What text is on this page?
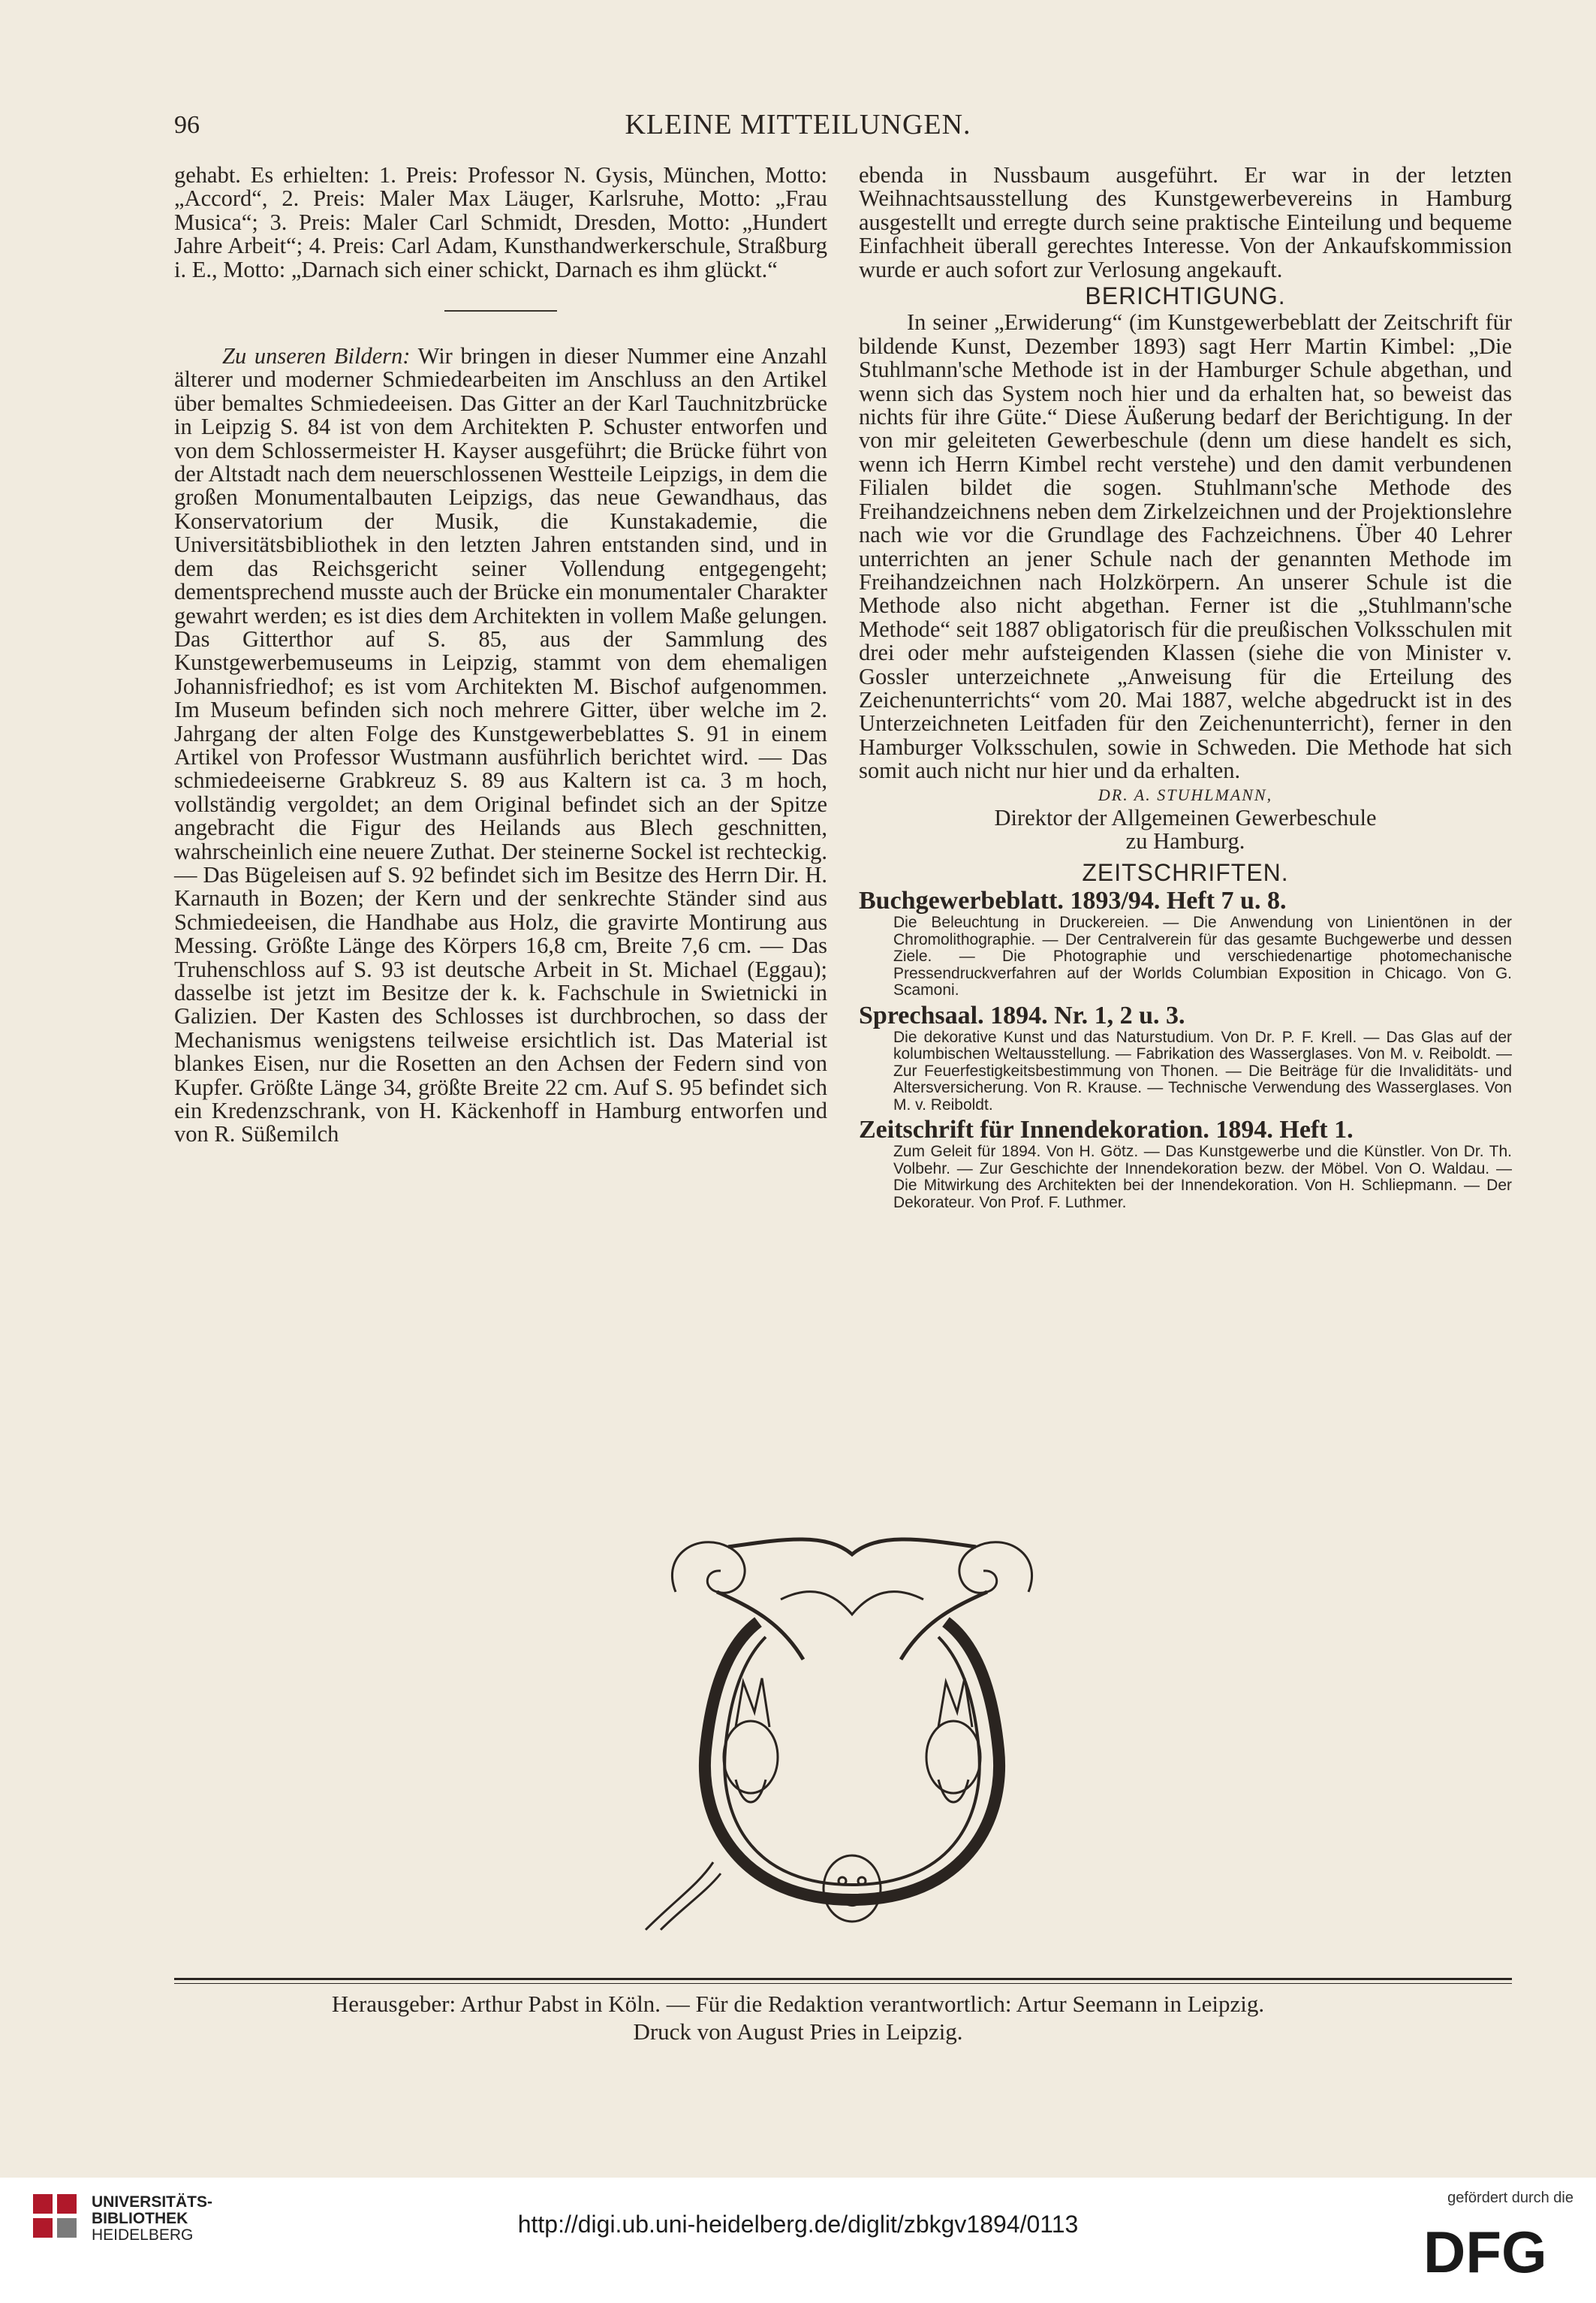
96	KLEINE MITTEILUNGEN.

gehabt. Es erhielten: 1. Preis: Professor N. Gysis, München, Motto: „Accord“, 2. Preis: Maler Max Läuger, Karlsruhe, Motto: „Frau Musica“; 3. Preis: Maler Carl Schmidt, Dresden, Motto: „Hundert Jahre Arbeit“; 4. Preis: Carl Adam, Kunsthandwerkerschule, Straßburg i. E., Motto: „Darnach sich einer schickt, Darnach es ihm glückt.“

Zu unseren Bildern: Wir bringen in dieser Nummer eine Anzahl älterer und moderner Schmiedearbeiten im Anschluss an den Artikel über bemaltes Schmiedeeisen. Das Gitter an der Karl Tauchnitzbrücke in Leipzig S. 84 ist von dem Architekten P. Schuster entworfen und von dem Schlossermeister H. Kayser ausgeführt; die Brücke führt von der Altstadt nach dem neuerschlossenen Westteile Leipzigs, in dem die großen Monumentalbauten Leipzigs, das neue Gewandhaus, das Konservatorium der Musik, die Kunstakademie, die Universitätsbibliothek in den letzten Jahren entstanden sind, und in dem das Reichsgericht seiner Vollendung entgegengeht; dementsprechend musste auch der Brücke ein monumentaler Charakter gewahrt werden; es ist dies dem Architekten in vollem Maße gelungen. Das Gitterthor auf S. 85, aus der Sammlung des Kunstgewerbemuseums in Leipzig, stammt von dem ehemaligen Johannisfriedhof; es ist vom Architekten M. Bischof aufgenommen. Im Museum befinden sich noch mehrere Gitter, über welche im 2. Jahrgang der alten Folge des Kunstgewerbeblattes S. 91 in einem Artikel von Professor Wustmann ausführlich berichtet wird. — Das schmiedeeiserne Grabkreuz S. 89 aus Kaltern ist ca. 3 m hoch, vollständig vergoldet; an dem Original befindet sich an der Spitze angebracht die Figur des Heilands aus Blech geschnitten, wahrscheinlich eine neuere Zuthat. Der steinerne Sockel ist rechteckig. — Das Bügeleisen auf S. 92 befindet sich im Besitze des Herrn Dir. H. Karnauth in Bozen; der Kern und der senkrechte Ständer sind aus Schmiedeeisen, die Handhabe aus Holz, die gravirte Montirung aus Messing. Größte Länge des Körpers 16,8 cm, Breite 7,6 cm. — Das Truhenschloss auf S. 93 ist deutsche Arbeit in St. Michael (Eggau); dasselbe ist jetzt im Besitze der k. k. Fachschule in Swietnicki in Galizien. Der Kasten des Schlosses ist durchbrochen, so dass der Mechanismus wenigstens teilweise ersichtlich ist. Das Material ist blankes Eisen, nur die Rosetten an den Achsen der Federn sind von Kupfer. Größte Länge 34, größte Breite 22 cm. Auf S. 95 befindet sich ein Kredenzschrank, von H. Käckenhoff in Hamburg entworfen und von R. Süßemilch

ebenda in Nussbaum ausgeführt. Er war in der letzten Weihnachtsausstellung des Kunstgewerbevereins in Hamburg ausgestellt und erregte durch seine praktische Einteilung und bequeme Einfachheit überall gerechtes Interesse. Von der Ankaufskommission wurde er auch sofort zur Verlosung angekauft.

BERICHTIGUNG.

In seiner „Erwiderung“ (im Kunstgewerbeblatt der Zeitschrift für bildende Kunst, Dezember 1893) sagt Herr Martin Kimbel: „Die Stuhlmann'sche Methode ist in der Hamburger Schule abgethan, und wenn sich das System noch hier und da erhalten hat, so beweist das nichts für ihre Güte.“ Diese Äußerung bedarf der Berichtigung. In der von mir geleiteten Gewerbeschule (denn um diese handelt es sich, wenn ich Herrn Kimbel recht verstehe) und den damit verbundenen Filialen bildet die sogen. Stuhlmann'sche Methode des Freihandzeichnens neben dem Zirkelzeichnen und der Projektionslehre nach wie vor die Grundlage des Fachzeichnens. Über 40 Lehrer unterrichten an jener Schule nach der genannten Methode im Freihandzeichnen nach Holzkörpern. An unserer Schule ist die Methode also nicht abgethan. Ferner ist die „Stuhlmann'sche Methode“ seit 1887 obligatorisch für die preußischen Volksschulen mit drei oder mehr aufsteigenden Klassen (siehe die von Minister v. Gossler unterzeichnete „Anweisung für die Erteilung des Zeichenunterrichts“ vom 20. Mai 1887, welche abgedruckt ist in des Unterzeichneten Leitfaden für den Zeichenunterricht), ferner in den Hamburger Volksschulen, sowie in Schweden. Die Methode hat sich somit auch nicht nur hier und da erhalten.

DR. A. STUHLMANN,
Direktor der Allgemeinen Gewerbeschule
zu Hamburg.
ZEITSCHRIFTEN.
Buchgewerbeblatt. 1893/94. Heft 7 u. 8.
Die Beleuchtung in Druckereien. — Die Anwendung von Linientönen in der Chromolithographie. — Der Centralverein für das gesamte Buchgewerbe und dessen Ziele. — Die Photographie und verschiedenartige photomechanische Pressendruckverfahren auf der Worlds Columbian Exposition in Chicago. Von G. Scamoni.
Sprechsaal. 1894. Nr. 1, 2 u. 3.
Die dekorative Kunst und das Naturstudium. Von Dr. P. F. Krell. — Das Glas auf der kolumbischen Weltausstellung. — Fabrikation des Wasserglases. Von M. v. Reiboldt. — Zur Feuerfestigkeitsbestimmung von Thonen. — Die Beiträge für die Invaliditäts- und Altersversicherung. Von R. Krause. — Technische Verwendung des Wasserglases. Von M. v. Reiboldt.
Zeitschrift für Innendekoration. 1894. Heft 1.
Zum Geleit für 1894. Von H. Götz. — Das Kunstgewerbe und die Künstler. Von Dr. Th. Volbehr. — Zur Geschichte der Innendekoration bezw. der Möbel. Von O. Waldau. — Die Mitwirkung des Architekten bei der Innendekoration. Von H. Schliepmann. — Der Dekorateur. Von Prof. F. Luthmer.
Herausgeber: Arthur Pabst in Köln. — Für die Redaktion verantwortlich: Artur Seemann in Leipzig.
Druck von August Pries in Leipzig.
UNIVERSITÄTS-
BIBLIOTHEK
HEIDELBERG	http://digi.ub.uni-heidelberg.de/diglit/zbkgv1894/0113
gefördert durch die
DFG
